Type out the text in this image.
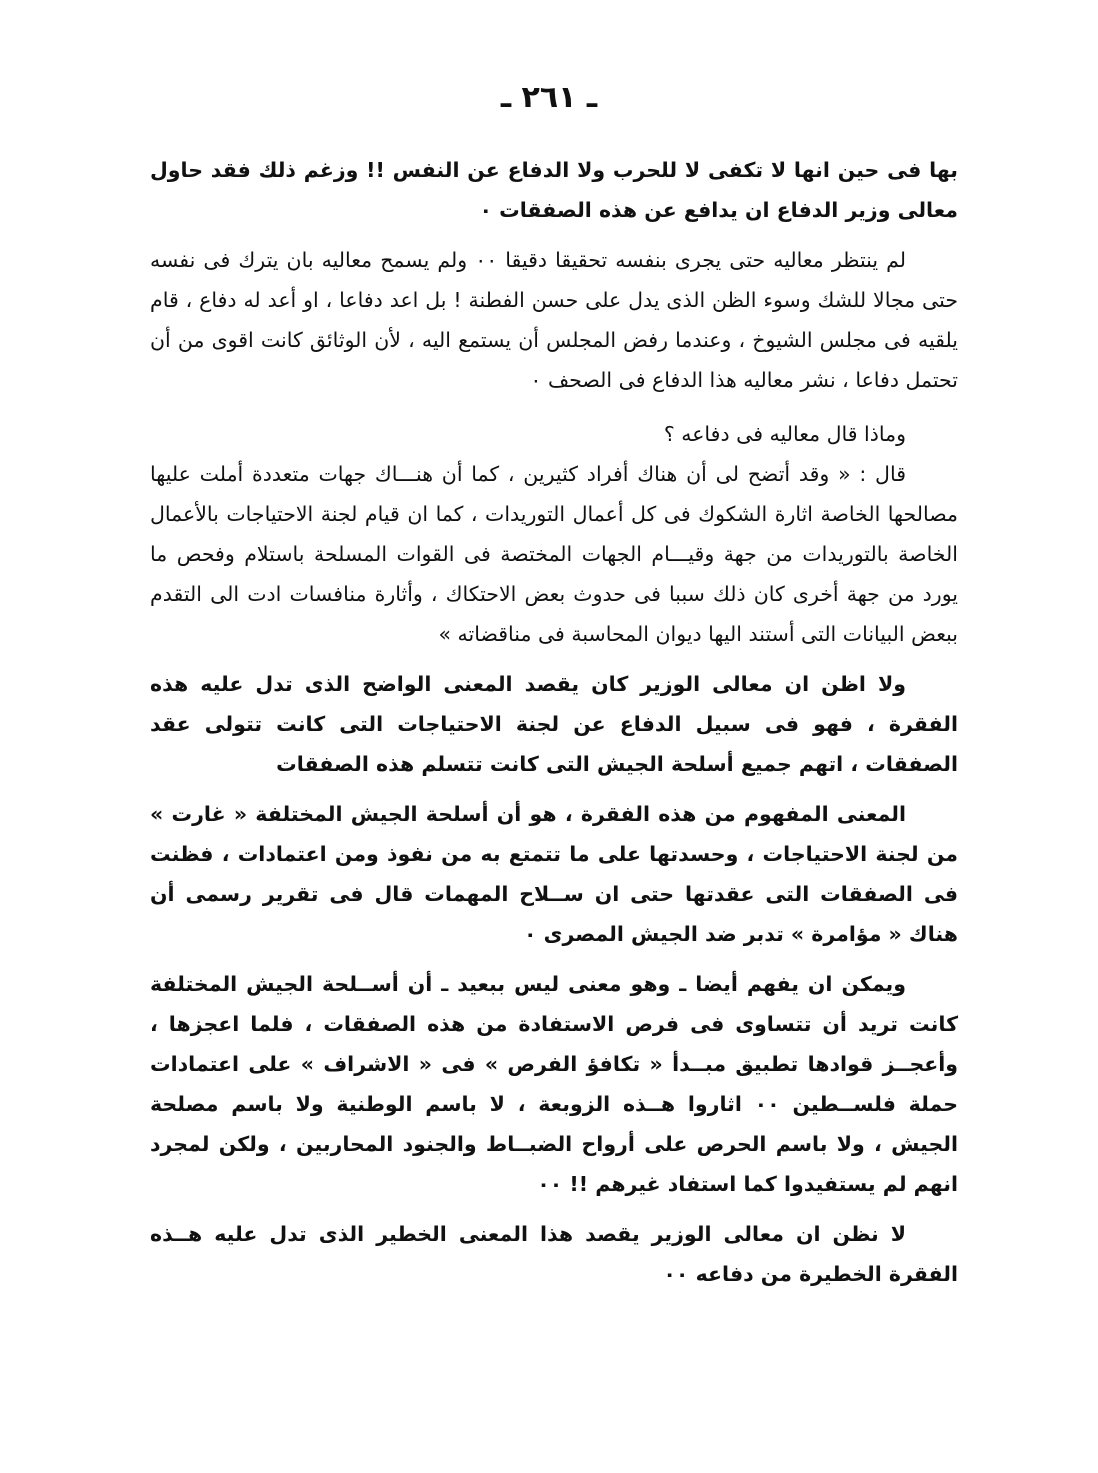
ـ ٢٦١ ـ

بها فى حين انها لا تكفى لا للحرب ولا الدفاع عن النفس !! وزغم ذلك فقد حاول معالى وزير الدفاع ان يدافع عن هذه الصفقات ٠

لم ينتظر معاليه حتى يجرى بنفسه تحقيقا دقيقا ٠٠ ولم يسمح معاليه بان يترك فى نفسه حتى مجالا للشك وسوء الظن الذى يدل على حسن الفطنة ! بل اعد دفاعا ، او أعد له دفاع ، قام يلقيه فى مجلس الشيوخ ، وعندما رفض المجلس أن يستمع اليه ، لأن الوثائق كانت اقوى من أن تحتمل دفاعا ، نشر معاليه هذا الدفاع فى الصحف ٠

وماذا قال معاليه فى دفاعه ؟

قال : « وقد أتضح لى أن هناك أفراد كثيرين ، كما أن هنـــاك جهات متعددة أملت عليها مصالحها الخاصة اثارة الشكوك فى كل أعمال التوريدات ، كما ان قيام لجنة الاحتياجات بالأعمال الخاصة بالتوريدات من جهة وقيـــام الجهات المختصة فى القوات المسلحة باستلام وفحص ما يورد من جهة أخرى كان ذلك سببا فى حدوث بعض الاحتكاك ، وأثارة منافسات ادت الى التقدم ببعض البيانات التى أستند اليها ديوان المحاسبة فى مناقضاته »

ولا اظن ان معالى الوزير كان يقصد المعنى الواضح الذى تدل عليه هذه الفقرة ، فهو فى سبيل الدفاع عن لجنة الاحتياجات التى كانت تتولى عقد الصفقات ، اتهم جميع أسلحة الجيش التى كانت تتسلم هذه الصفقات

المعنى المفهوم من هذه الفقرة ، هو أن أسلحة الجيش المختلفة « غارت » من لجنة الاحتياجات ، وحسدتها على ما تتمتع به من نفوذ ومن اعتمادات ، فظنت فى الصفقات التى عقدتها حتى ان ســلاح المهمات قال فى تقرير رسمى أن هناك « مؤامرة » تدبر ضد الجيش المصرى ٠

ويمكن ان يفهم أيضا ـ وهو معنى ليس ببعيد ـ أن أســلحة الجيش المختلفة كانت تريد أن تتساوى فى فرص الاستفادة من هذه الصفقات ، فلما اعجزها ، وأعجــز قوادها تطبيق مبــدأ « تكافؤ الفرص » فى « الاشراف » على اعتمادات حملة فلســطين ٠٠ اثاروا هــذه الزوبعة ، لا باسم الوطنية ولا باسم مصلحة الجيش ، ولا باسم الحرص على أرواح الضبــاط والجنود المحاربين ، ولكن لمجرد انهم لم يستفيدوا كما استفاد غيرهم !! ٠٠

لا نظن ان معالى الوزير يقصد هذا المعنى الخطير الذى تدل عليه هــذه الفقرة الخطيرة من دفاعه ٠٠
